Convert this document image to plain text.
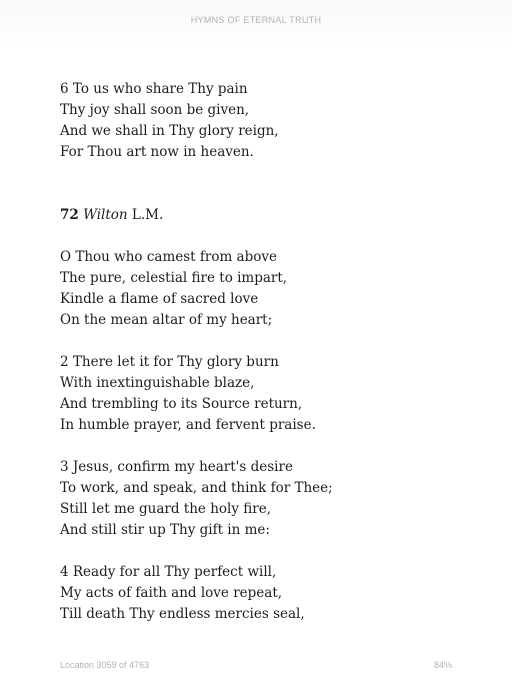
HYMNS OF ETERNAL TRUTH
6 To us who share Thy pain
Thy joy shall soon be given,
And we shall in Thy glory reign,
For Thou art now in heaven.
72 Wilton L.M.
O Thou who camest from above
The pure, celestial fire to impart,
Kindle a flame of sacred love
On the mean altar of my heart;
2 There let it for Thy glory burn
With inextinguishable blaze,
And trembling to its Source return,
In humble prayer, and fervent praise.
3 Jesus, confirm my heart's desire
To work, and speak, and think for Thee;
Still let me guard the holy fire,
And still stir up Thy gift in me:
4 Ready for all Thy perfect will,
My acts of faith and love repeat,
Till death Thy endless mercies seal,
Location 3059 of 4763	84%
